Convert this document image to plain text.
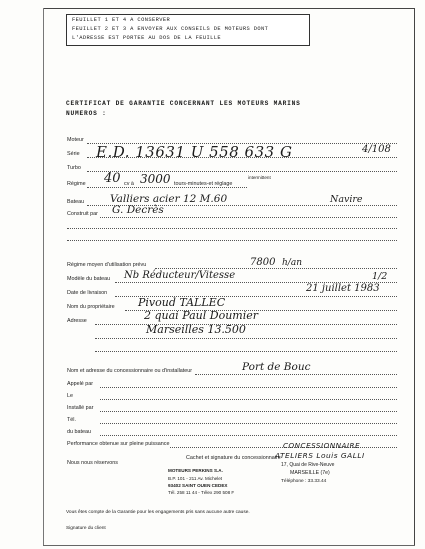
FEUILLET 1 ET 4 A CONSERVER
FEUILLET 2 ET 3 A ENVOYER AUX CONSEILS DE MOTEURS DONT
L'ADRESSE EST PORTEE AU DOS DE LA FEUILLE
CERTIFICAT DE GARANTIE CONCERNANT LES MOTEURS MARINS
NUMEROS :
Moteur
Série E.D. 13631 U 558 633 G	4/108
Turbo
Régime 40 cv à 3000 tours-minutes-et réglage
intermittent
Bateau Valliers acier 12 M.60	Navire
Construit par G. Decrès
Régime moyen d'utilisation prévu	7800 h/an
Modèle du bateau Nb Réducteur/Vitesse	1/2
Date de livraison	21 juillet 1983
Nom du propriétaire Pivoud TALLEC
Adresse	2 quai Paul Doumier
Marseilles 13.500
Nom et adresse du concessionnaire ou d'installateur	Port de Bouc
Appelé par
Le
Installé par
Tél.
du bateau
Performance obtenue sur pleine puissance
Cachet et signature du concessionnaire
CONCESSIONNAIRE
ATELIERS Louis GALLI
17, Quai de Rive-Neuve
MARSEILLE (7e)
Téléphone : 33.33.44
Nous nous réservons
MOTEURS PERKINS S.A.
B.P. 101 - 211 Av. Michelet
93402 SAINT OUEN CEDEX
Tél. 258 11 44 - Télex 290 508 F
Vous êtes compte de la Garantie pour les engagements pris sans aucune autre cause.
Signature du client
